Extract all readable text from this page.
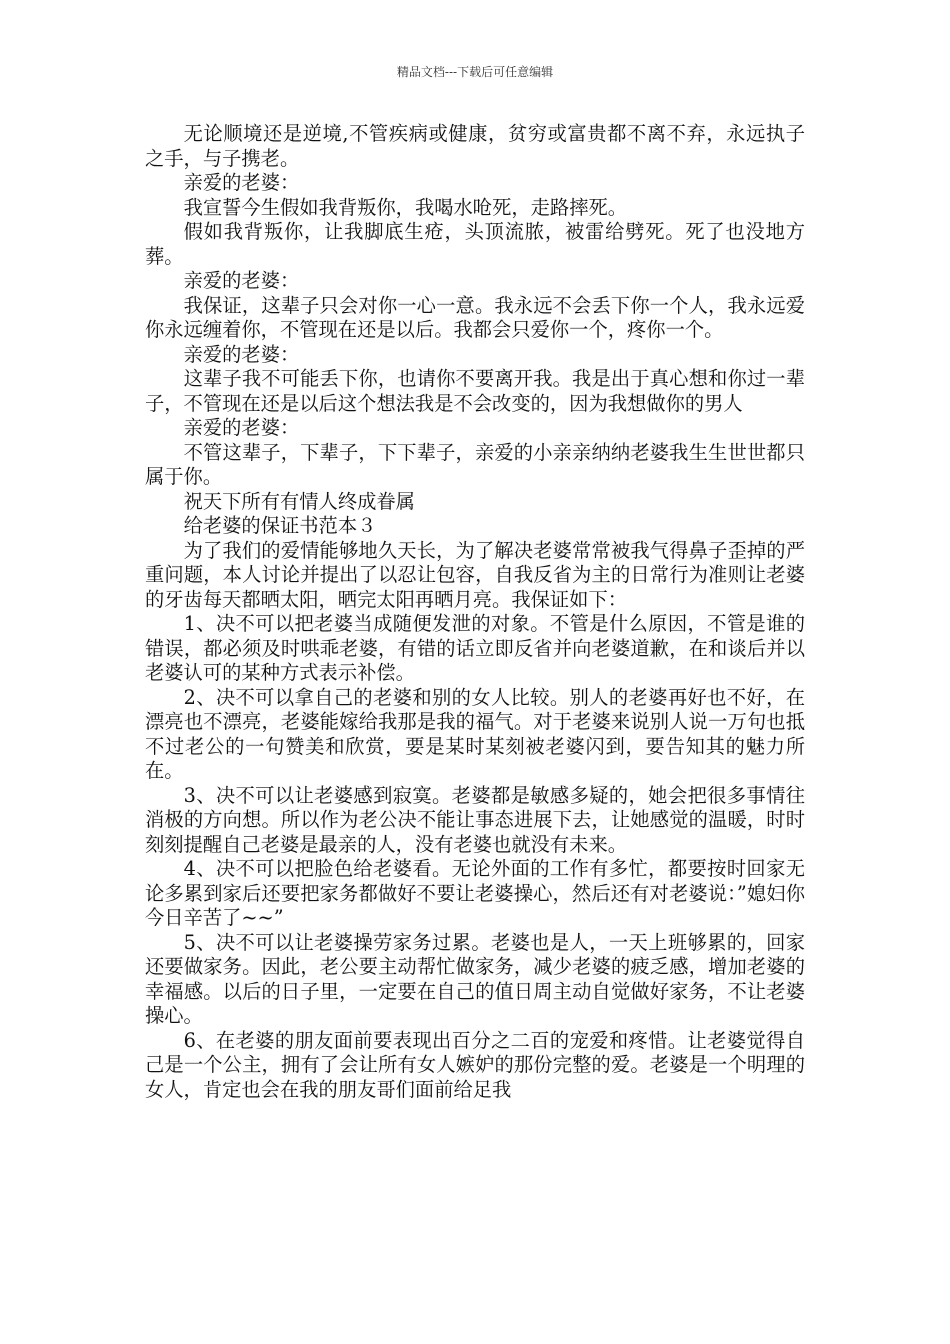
精品文档---下载后可任意编辑

无论顺境还是逆境,不管疾病或健康，贫穷或富贵都不离不弃，永远执子之手，与子携老。

亲爱的老婆：

我宣誓今生假如我背叛你，我喝水呛死，走路摔死。

假如我背叛你，让我脚底生疮，头顶流脓，被雷给劈死。死了也没地方葬。

亲爱的老婆：

我保证，这辈子只会对你一心一意。我永远不会丢下你一个人，我永远爱你永远缠着你，不管现在还是以后。我都会只爱你一个，疼你一个。

亲爱的老婆：

这辈子我不可能丢下你，也请你不要离开我。我是出于真心想和你过一辈子，不管现在还是以后这个想法我是不会改变的，因为我想做你的男人

亲爱的老婆：

不管这辈子，下辈子，下下辈子，亲爱的小亲亲纳纳老婆我生生世世都只属于你。

祝天下所有有情人终成眷属

给老婆的保证书范本３

为了我们的爱情能够地久天长，为了解决老婆常常被我气得鼻子歪掉的严重问题，本人讨论并提出了以忍让包容，自我反省为主的日常行为准则让老婆的牙齿每天都晒太阳，晒完太阳再晒月亮。我保证如下：

1、决不可以把老婆当成随便发泄的对象。不管是什么原因，不管是谁的错误，都必须及时哄乖老婆，有错的话立即反省并向老婆道歉，在和谈后并以老婆认可的某种方式表示补偿。

2、决不可以拿自己的老婆和别的女人比较。别人的老婆再好也不好，在漂亮也不漂亮，老婆能嫁给我那是我的福气。对于老婆来说别人说一万句也抵不过老公的一句赞美和欣赏，要是某时某刻被老婆闪到，要告知其的魅力所在。

3、决不可以让老婆感到寂寞。老婆都是敏感多疑的，她会把很多事情往消极的方向想。所以作为老公决不能让事态进展下去，让她感觉的温暖，时时刻刻提醒自己老婆是最亲的人，没有老婆也就没有未来。

4、决不可以把脸色给老婆看。无论外面的工作有多忙，都要按时回家无论多累到家后还要把家务都做好不要让老婆操心，然后还有对老婆说：”媳妇你今日辛苦了~~”

5、决不可以让老婆操劳家务过累。老婆也是人，一天上班够累的，回家还要做家务。因此，老公要主动帮忙做家务，减少老婆的疲乏感，增加老婆的幸福感。以后的日子里，一定要在自己的值日周主动自觉做好家务，不让老婆操心。

6、在老婆的朋友面前要表现出百分之二百的宠爱和疼惜。让老婆觉得自己是一个公主，拥有了会让所有女人嫉妒的那份完整的爱。老婆是一个明理的女人，肯定也会在我的朋友哥们面前给足我
